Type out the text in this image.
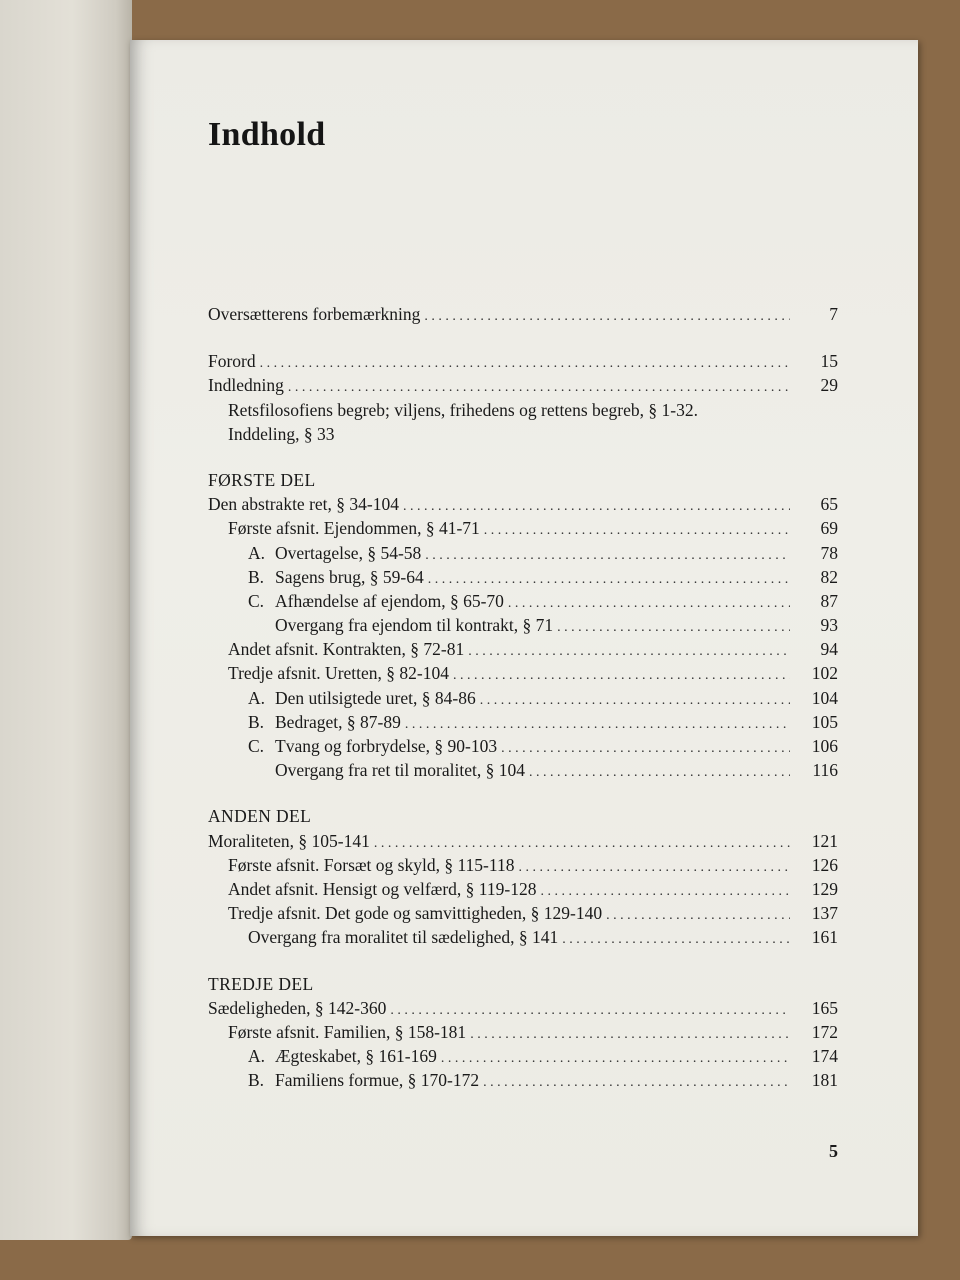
Indhold
Oversætterens forbemærkning . . .	7
Forord . . .	15
Indledning . . .	29
Retsfilosofiens begreb; viljens, frihedens og rettens begreb, § 1-32.
Inddeling, § 33
FØRSTE DEL
Den abstrakte ret, § 34-104 . . .	65
Første afsnit. Ejendommen, § 41-71 . . .	69
A. Overtagelse, § 54-58 . . .	78
B. Sagens brug, § 59-64 . . .	82
C. Afhændelse af ejendom, § 65-70 . . .	87
Overgang fra ejendom til kontrakt, § 71 . . .	93
Andet afsnit. Kontrakten, § 72-81 . . .	94
Tredje afsnit. Uretten, § 82-104 . . .	102
A. Den utilsigtede uret, § 84-86 . . .	104
B. Bedraget, § 87-89 . . .	105
C. Tvang og forbrydelse, § 90-103 . . .	106
Overgang fra ret til moralitet, § 104 . . .	116
ANDEN DEL
Moraliteten, § 105-141 . . .	121
Første afsnit. Forsæt og skyld, § 115-118 . . .	126
Andet afsnit. Hensigt og velfærd, § 119-128 . . .	129
Tredje afsnit. Det gode og samvittigheden, § 129-140 . . .	137
Overgang fra moralitet til sædelighed, § 141 . . .	161
TREDJE DEL
Sædeligheden, § 142-360 . . .	165
Første afsnit. Familien, § 158-181 . . .	172
A. Ægteskabet, § 161-169 . . .	174
B. Familiens formue, § 170-172 . . .	181
5
